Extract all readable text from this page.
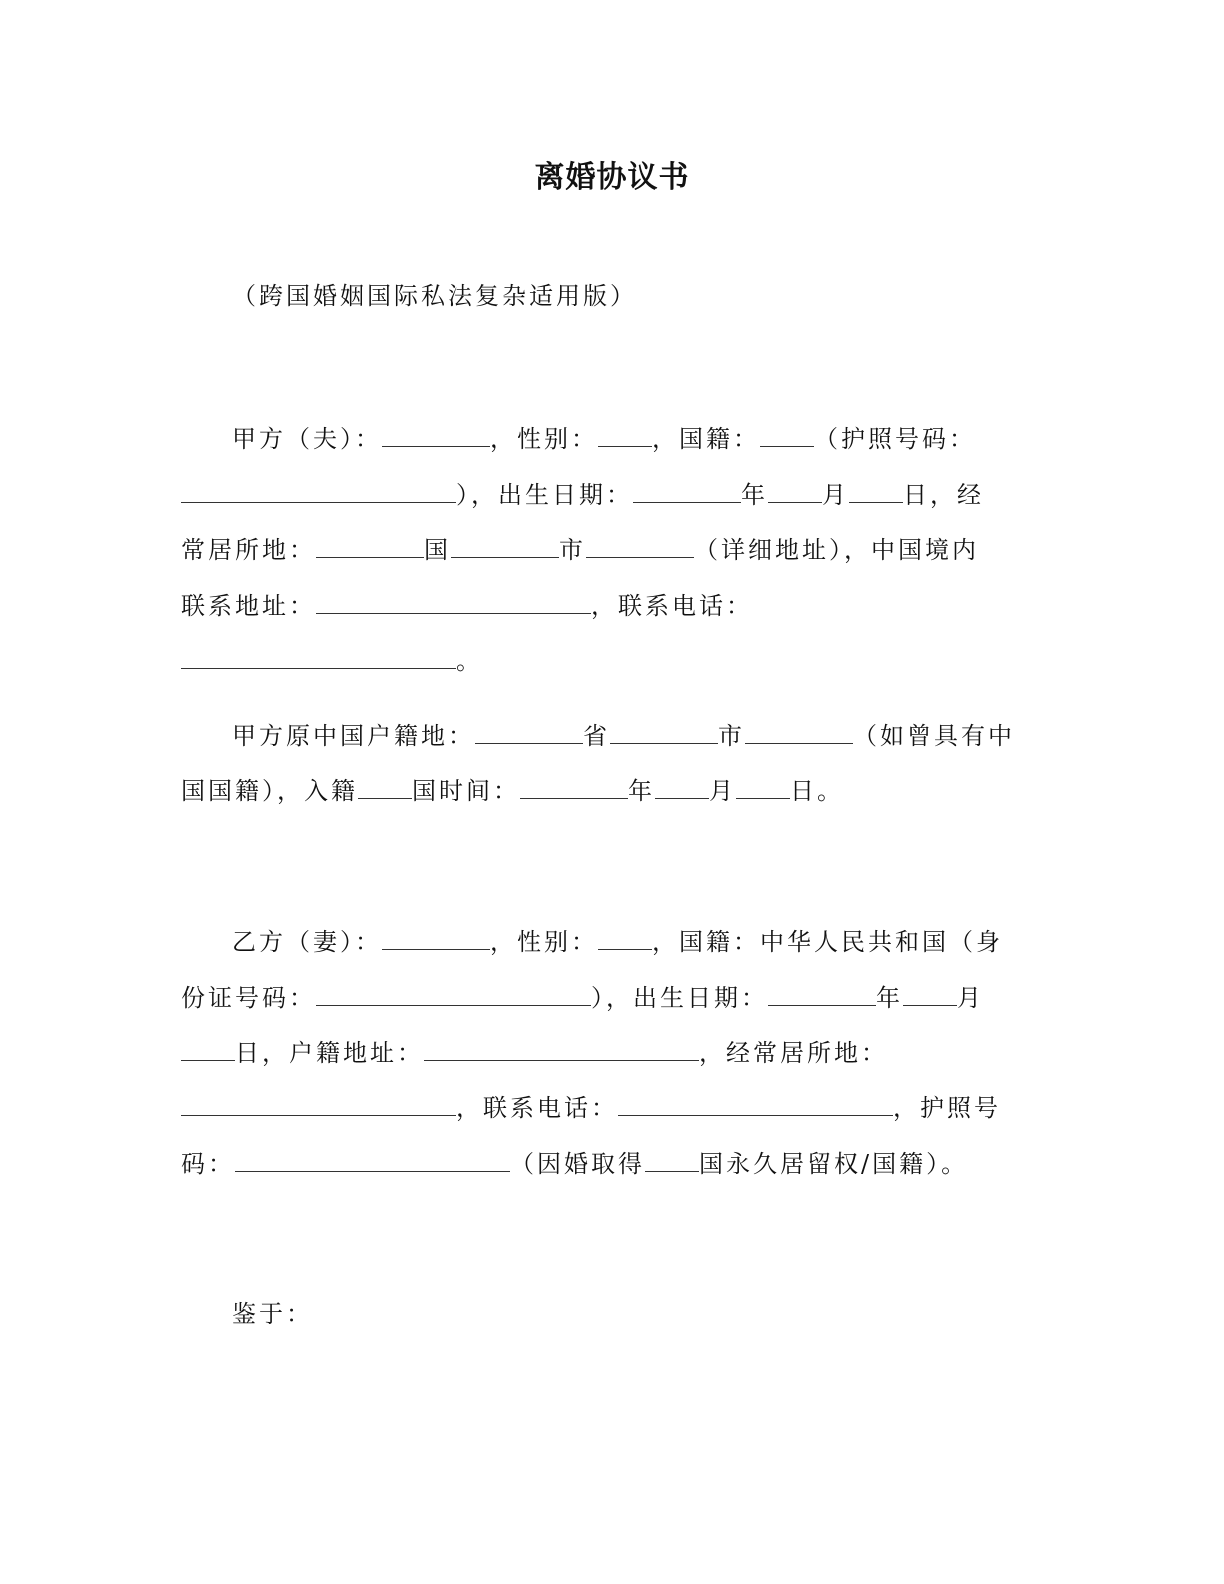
离婚协议书
（跨国婚姻国际私法复杂适用版）
甲方（夫）：	，性别： ，国籍： （护照号码：
），出生日期：	年 月 日，经
常居所地：	国	市	（详细地址），中国境内
联系地址：	，联系电话：
。
甲方原中国户籍地：	省	市	（如曾具有中
国国籍），入籍 国时间：	年 月 日。
乙方（妻）：	，性别： ，国籍：中华人民共和国（身
份证号码：	），出生日期：	年 月
日，户籍地址：	，经常居所地：
，联系电话：	，护照号
码：	（因婚取得 国永久居留权/国籍）。
鉴于：
